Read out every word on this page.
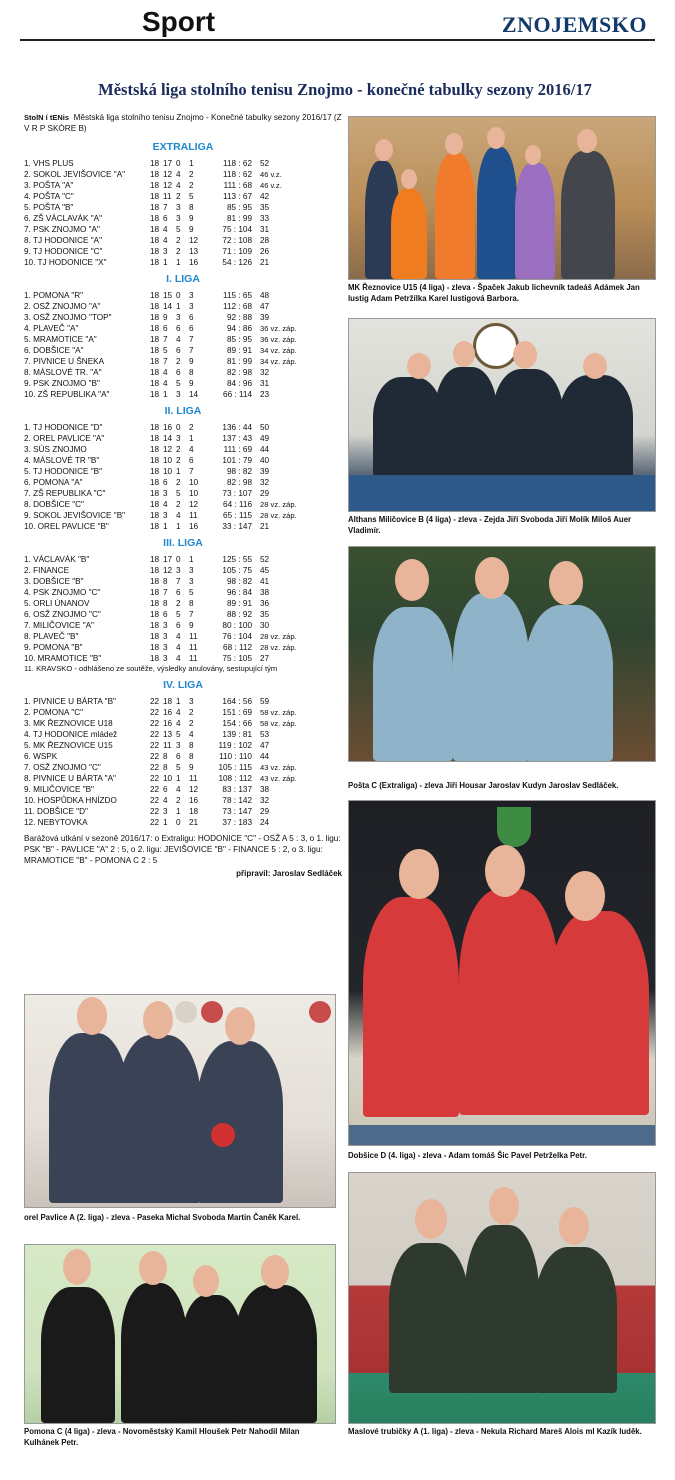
Sport	ZNOJEMSKO
Městská liga stolního tenisu Znojmo - konečné tabulky sezony 2016/17
StolN í tENis Městská liga stolního tenisu Znojmo - Konečné tabulky sezony 2016/17 (Z V R P SKÓRE B)
EXTRALIGA
1. VHS PLUS	18 17 0	1	118 : 62 52
2. SOKOL JEVIŠOVICE "A"	18 12 4	2	118 : 62	46 v.z.
3. POŠTA "A"	18 12 4	2	111 : 68	46 v.z.
4. POŠTA "C"	18 11 2	5	113 : 67 42
5. POŠTA "B"	18 7	3	8	85 : 95 35
6. ZŠ VÁCLAVÁK "A"	18 6	3	9	81 : 99 33
7. PSK ZNOJMO "A"	18 4	5	9	75 : 104 31
8. TJ HODONICE "A"	18 4	2	12	72 : 108 28
9. TJ HODONICE "C"	18 3	2	13	71 : 109 26
10. TJ HODONICE "X"	18 1	1	16	54 : 126 21
I. LIGA
1. POMONA "R"	18 15 0	3	115 : 65 48
2. OSŽ ZNOJMO "A"	18 14 1	3	112 : 68 47
3. OSŽ ZNOJMO "TOP"	18 9	3	6	92 : 88 39
4. PLAVEČ "A"	18 6	6	6	94 : 86	36 vz. záp.
5. MRAMOTICE "A"	18 7	4	7	85 : 95	36 vz. záp.
6. DOBŠICE "A"	18 5	6	7	89 : 91	34 vz. záp.
7. PIVNICE U ŠNEKA	18 7	2	9	81 : 99	34 vz. záp.
8. MÁSLOVÉ TR. "A"	18 4	6	8	82 : 98 32
9. PSK ZNOJMO "B"	18 4	5	9	84 : 96 31
10. ZŠ REPUBLIKA "A"	18 1	3	14	66 : 114 23
II. LIGA
1. TJ HODONICE "D"	18 16 0	2	136 : 44 50
2. OREL PAVLICE "A"	18 14 3	1	137 : 43 49
3. SÚS ZNOJMO	18 12 2	4	111 : 69 44
4. MÁSLOVÉ TR "B"	18 10 2	6	101 : 79 40
5. TJ HODONICE "B"	18 10 1	7	98 : 82 39
6. POMONA "A"	18 6	2	10	82 : 98 32
7. ZŠ REPUBLIKA "C"	18 3	5	10	73 : 107 29
8. DOBŠICE "C"	18 4	2	12	64 : 116	28 vz. záp.
9. SOKOL JEVIŠOVICE "B"	18 3	4	11	65 : 115	28 vz. záp.
10. OREL PAVLICE "B"	18 1	1	16	33 : 147 21
III. LIGA
1. VÁCLAVÁK "B"	18 17 0	1	125 : 55 52
2. FINANCE	18 12 3	3	105 : 75 45
3. DOBŠICE "B"	18 8	7	3	98 : 82 41
4. PSK ZNOJMO "C"	18 7	6	5	96 : 84 38
5. ORLI ÚNANOV	18 8	2	8	89 : 91 36
6. OSŽ ZNOJMO "C"	18 6	5	7	88 : 92 35
7. MILIČOVICE "A"	18 3	6	9	80 : 100 30
8. PLAVEČ "B"	18 3	4	11	76 : 104	28 vz. záp.
9. POMONA "B"	18 3	4	11	68 : 112	28 vz. záp.
10. MRAMOTICE "B"	18 3	4	11	75 : 105 27
11. KRAVSKO - odhlášeno ze soutěže, výsledky anulovány, sestupující tým
IV. LIGA
1. PIVNICE U BÁRTA "B"	22 18 1	3	164 : 56 59
2. POMONA "C"	22 16 4	2	151 : 69	58 vz. záp.
3. MK ŘEZNOVICE U18	22 16 4	2	154 : 66	58 vz. záp.
4. TJ HODONICE mládež	22 13 5	4	139 : 81 53
5. MK ŘEZNOVICE U15	22 11 3	8	119 : 102 47
6. WSPK	22 8	6	8	110 : 110 44
7. OSŽ ZNOJMO "C"	22 8	5	9	105 : 115	43 vz. záp.
8. PIVNICE U BÁRTA "A"	22 10 1	11	108 : 112	43 vz. záp.
9. MILIČOVICE "B"	22 6	4	12	83 : 137 38
10. HOSPŮDKA HNÍZDO	22 4	2	16	78 : 142 32
11. DOBŠICE "D"	22 3	1	18	73 : 147 29
12. NEBYTOVKA	22 1	0	21	37 : 183 24
Barážová utkání v sezoně 2016/17: o Extraligu: HODONICE "C" - OSŽ A 5 : 3, o 1. ligu: PSK "B" - PAVLICE "A" 2 : 5, o 2. ligu: JEVIŠOVICE "B" - FINANCE 5 : 2, o 3. ligu: MRAMOTICE "B" - POMONA C 2 : 5
připravil: Jaroslav Sedláček
MK Řeznovice U15 (4 liga) - zleva - Špaček Jakub lichevník tadeáš Adámek Jan lustig Adam Petržílka Karel lustigová Barbora.
Althans Miličovice B (4 liga) - zleva - Zejda Jiří Svoboda Jiří Molík Miloš Auer Vladimír.
Pošta C (Extraliga) - zleva Jiří Housar Jaroslav Kudyn Jaroslav Sedláček.
Dobšice D (4. liga) - zleva - Adam tomáš Šic Pavel Petrželka Petr.
Maslové trubičky A (1. liga) - zleva - Nekula Richard Mareš Alois ml Kazík luděk.
orel Pavlice A (2. liga) - zleva - Paseka Michal Svoboda Martin Čaněk Karel.
Pomona C (4 liga) - zleva - Novoměstský Kamil Hloušek Petr Nahodil Milan Kulhánek Petr.
